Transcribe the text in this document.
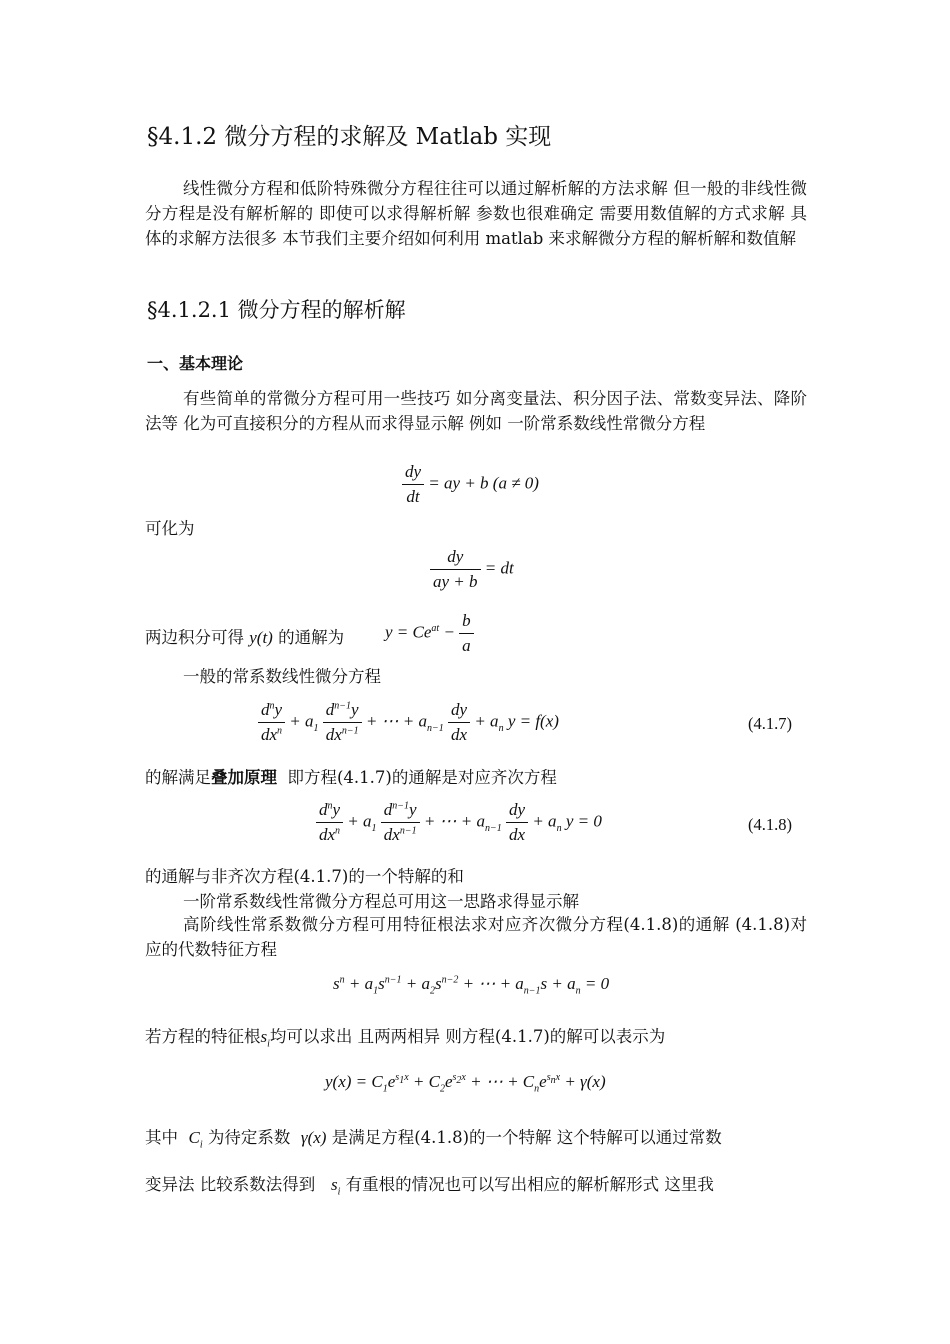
§4.1.2 微分方程的求解及 Matlab 实现
线性微分方程和低阶特殊微分方程往往可以通过解析解的方法求解 但一般的非线性微分方程是没有解析解的 即使可以求得解析解 参数也很难确定 需要用数值解的方式求解 具体的求解方法很多 本节我们主要介绍如何利用 matlab 来求解微分方程的解析解和数值解
§4.1.2.1 微分方程的解析解
一、基本理论
有些简单的常微分方程可用一些技巧 如分离变量法、积分因子法、常数变异法、降阶法等 化为可直接积分的方程从而求得显示解 例如 一阶常系数线性常微分方程
$\frac{dy}{dt}$ = ay + b (a ≠ 0)
可化为
$\frac{dy}{ay + b}$ = dt
两边积分可得 y(t) 的通解为 $y = Ce^{at} - \frac{b}{a}$
一般的常系数线性微分方程
$\frac{d^ny}{dx^n} + a_1 \frac{d^{n-1}y}{dx^{n-1}}$ + ⋯ + $a_{n-1} \frac{dy}{dx} + a_n$ y = f(x)	(4.1.7)
的解满足叠加原理 即方程(4.1.7)的通解是对应齐次方程
$\frac{d^ny}{dx^n} + a_1 \frac{d^{n-1}y}{dx^{n-1}}$ + ⋯ + $a_{n-1} \frac{dy}{dx} + a_n$ y = 0	(4.1.8)
的通解与非齐次方程(4.1.7)的一个特解的和
一阶常系数线性常微分方程总可用这一思路求得显示解
高阶线性常系数微分方程可用特征根法求对应齐次微分方程(4.1.8)的通解 (4.1.8)对应的代数特征方程
$s^n + a_1s^{n-1} + a_2s^{n-2}$ + ⋯ + $a_{n-1}s + a_n = 0$
若方程的特征根$s_i$均可以求出 且两两相异 则方程(4.1.7)的解可以表示为
$y(x) = C_1e^{s_1x} + C_2e^{s_2x}$ + ⋯ + $C_ne^{s_nx} + \gamma(x)$
其中 $C_i$ 为待定系数 γ(x) 是满足方程(4.1.8)的一个特解 这个特解可以通过常数
变异法 比较系数法得到 $s_i$ 有重根的情况也可以写出相应的解析解形式 这里我
